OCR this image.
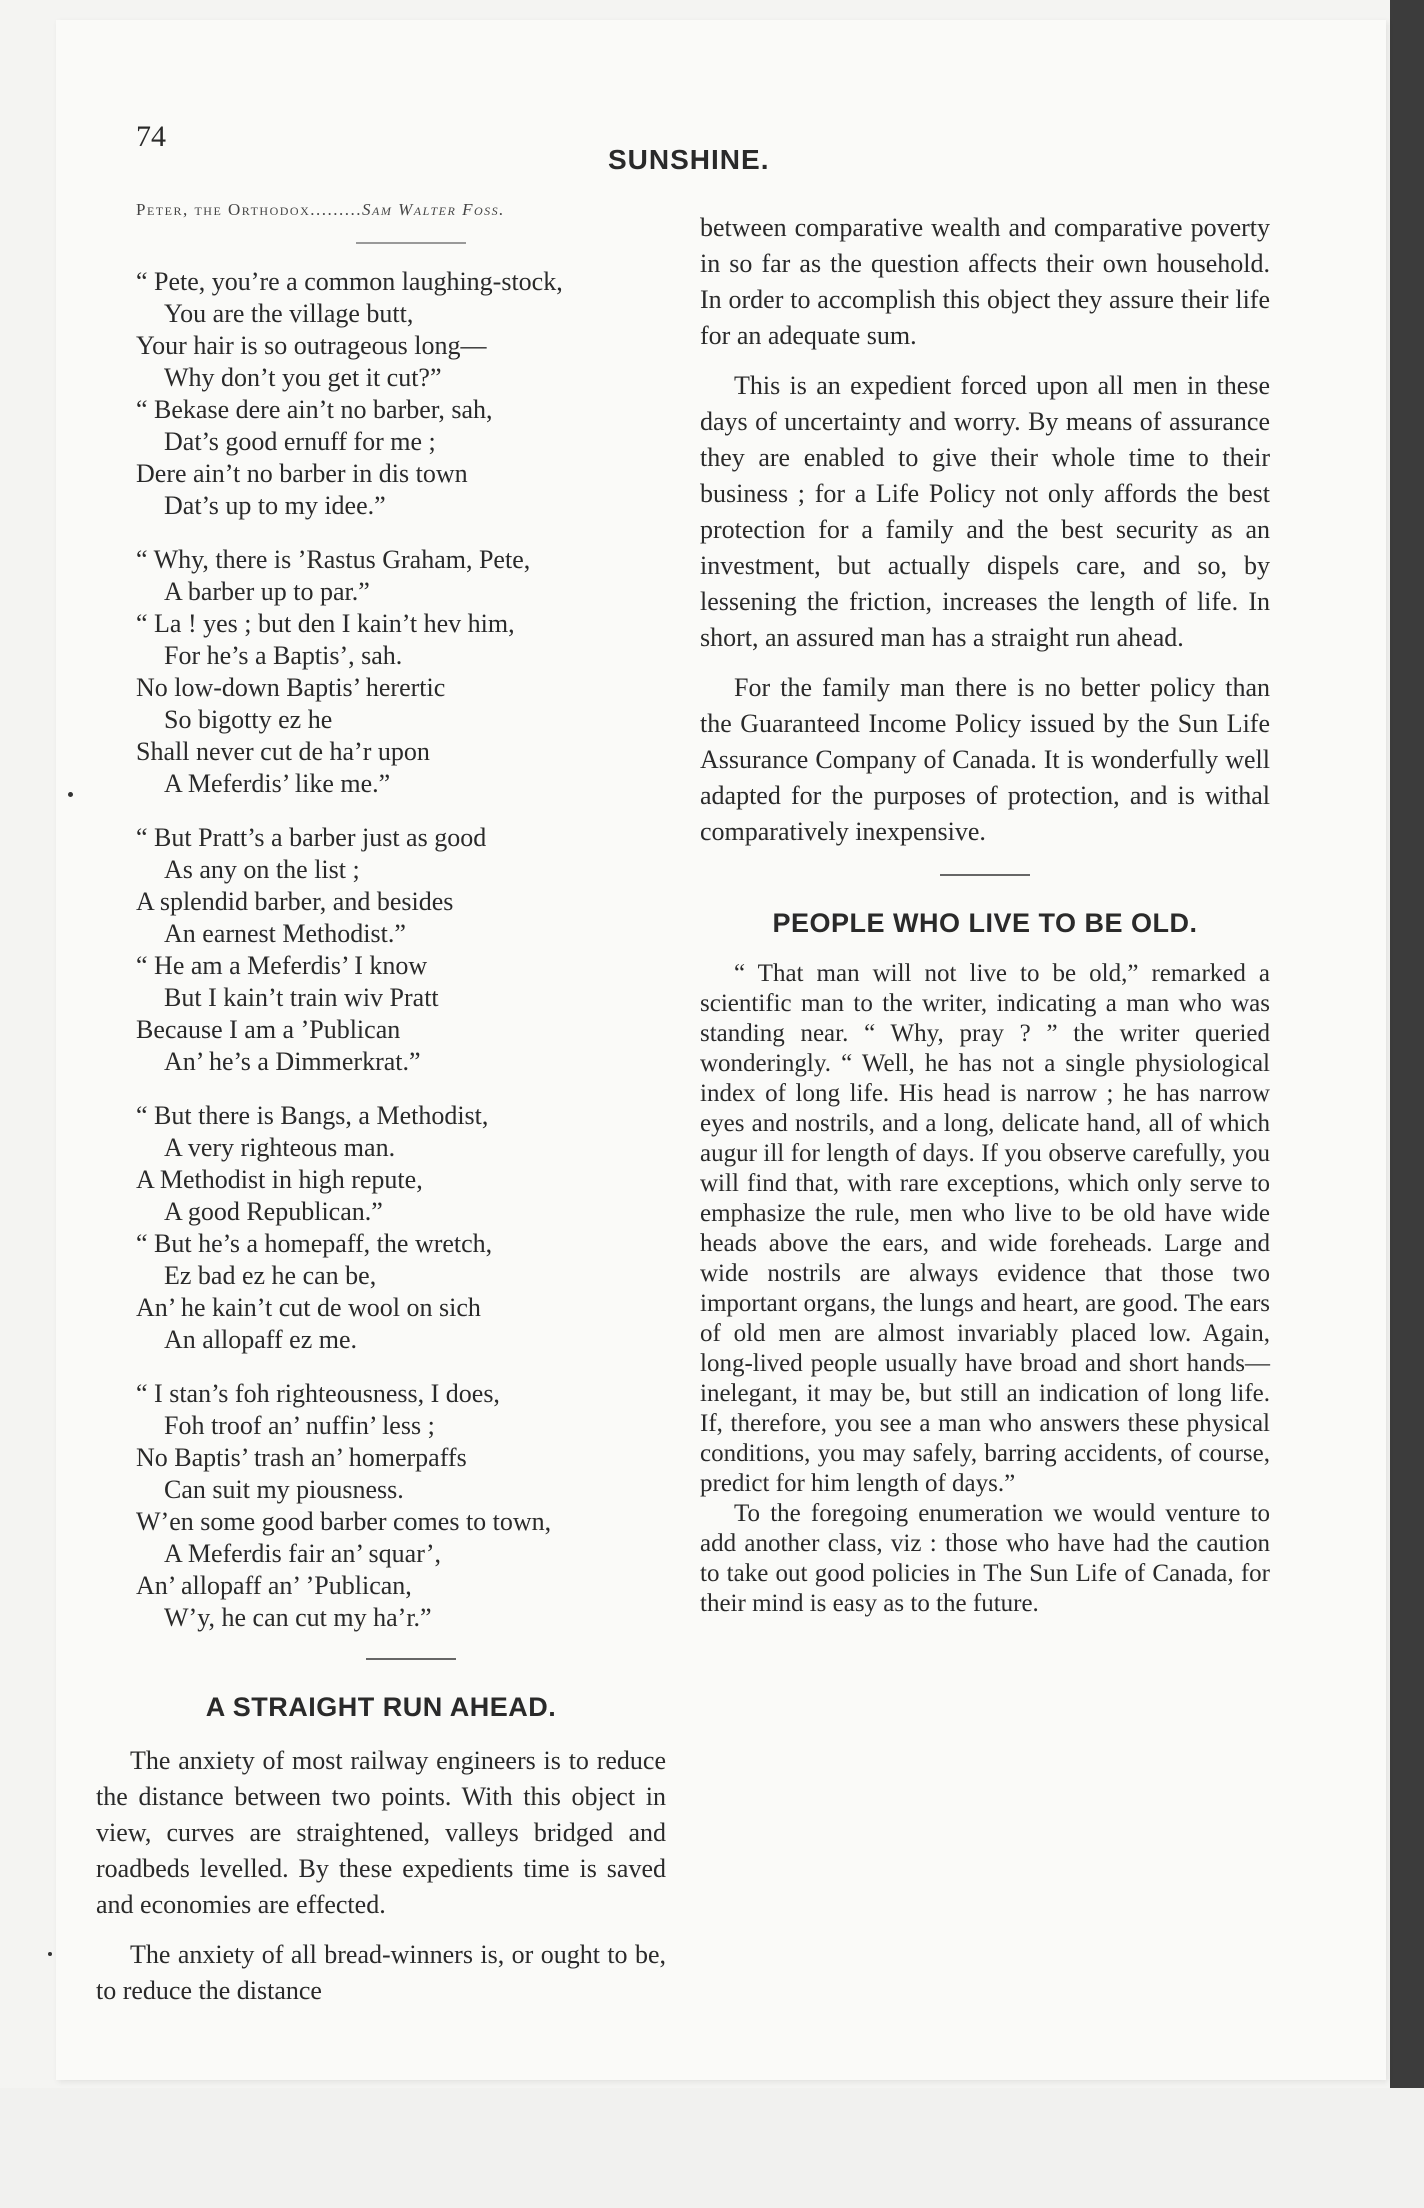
74
SUNSHINE.
Peter, the Orthodox.........Sam Walter Foss.
“ Pete, you’re a common laughing-stock,
You are the village butt,
Your hair is so outrageous long—
Why don’t you get it cut?”
“ Bekase dere ain’t no barber, sah,
Dat’s good ernuff for me ;
Dere ain’t no barber in dis town
Dat’s up to my idee.”
“ Why, there is ’Rastus Graham, Pete,
A barber up to par.”
“ La ! yes ; but den I kain’t hev him,
For he’s a Baptis’, sah.
No low-down Baptis’ herertic
So bigotty ez he
Shall never cut de ha’r upon
A Meferdis’ like me.”
“ But Pratt’s a barber just as good
As any on the list ;
A splendid barber, and besides
An earnest Methodist.”
“ He am a Meferdis’ I know
But I kain’t train wiv Pratt
Because I am a ’Publican
An’ he’s a Dimmerkrat.”
“ But there is Bangs, a Methodist,
A very righteous man.
A Methodist in high repute,
A good Republican.”
“ But he’s a homepaff, the wretch,
Ez bad ez he can be,
An’ he kain’t cut de wool on sich
An allopaff ez me.
“ I stan’s foh righteousness, I does,
Foh troof an’ nuffin’ less ;
No Baptis’ trash an’ homerpaffs
Can suit my piousness.
W’en some good barber comes to town,
A Meferdis fair an’ squar’,
An’ allopaff an’ ’Publican,
W’y, he can cut my ha’r.”
A STRAIGHT RUN AHEAD.

The anxiety of most railway engineers is to reduce the distance between two points. With this object in view, curves are straightened, valleys bridged and roadbeds levelled. By these expedients time is saved and economies are effected.

The anxiety of all bread-winners is, or ought to be, to reduce the distance

between comparative wealth and comparative poverty in so far as the question affects their own household. In order to accomplish this object they assure their life for an adequate sum.

This is an expedient forced upon all men in these days of uncertainty and worry. By means of assurance they are enabled to give their whole time to their business ; for a Life Policy not only affords the best protection for a family and the best security as an investment, but actually dispels care, and so, by lessening the friction, increases the length of life. In short, an assured man has a straight run ahead.

For the family man there is no better policy than the Guaranteed Income Policy issued by the Sun Life Assurance Company of Canada. It is wonderfully well adapted for the purposes of protection, and is withal comparatively inexpensive.

PEOPLE WHO LIVE TO BE OLD.

“ That man will not live to be old,” remarked a scientific man to the writer, indicating a man who was standing near. “ Why, pray ? ” the writer queried wonderingly. “ Well, he has not a single physiological index of long life. His head is narrow ; he has narrow eyes and nostrils, and a long, delicate hand, all of which augur ill for length of days. If you observe carefully, you will find that, with rare exceptions, which only serve to emphasize the rule, men who live to be old have wide heads above the ears, and wide foreheads. Large and wide nostrils are always evidence that those two important organs, the lungs and heart, are good. The ears of old men are almost invariably placed low. Again, long-lived people usually have broad and short hands—inelegant, it may be, but still an indication of long life. If, therefore, you see a man who answers these physical conditions, you may safely, barring accidents, of course, predict for him length of days.”

To the foregoing enumeration we would venture to add another class, viz : those who have had the caution to take out good policies in The Sun Life of Canada, for their mind is easy as to the future.
